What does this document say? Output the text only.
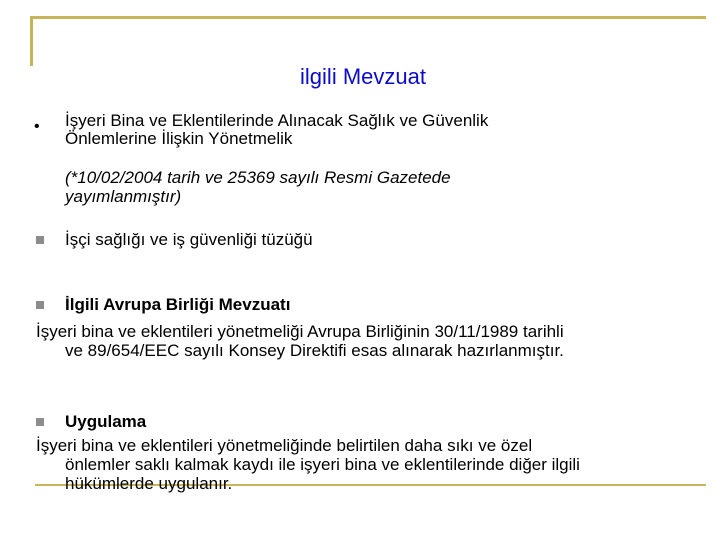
ilgili Mevzuat
• İşyeri Bina ve Eklentilerinde Alınacak Sağlık ve Güvenlik
Önlemlerine İlişkin Yönetmelik
(*10/02/2004 tarih ve 25369 sayılı Resmi Gazetede
yayımlanmıştır)
İşçi sağlığı ve iş güvenliği tüzüğü
İlgili Avrupa Birliği Mevzuatı
İşyeri bina ve eklentileri yönetmeliği Avrupa Birliğinin 30/11/1989 tarihli
ve 89/654/EEC sayılı Konsey Direktifi esas alınarak hazırlanmıştır.
Uygulama
İşyeri bina ve eklentileri yönetmeliğinde belirtilen daha sıkı ve özel
önlemler saklı kalmak kaydı ile işyeri bina ve eklentilerinde diğer ilgili
hükümlerde uygulanır.
